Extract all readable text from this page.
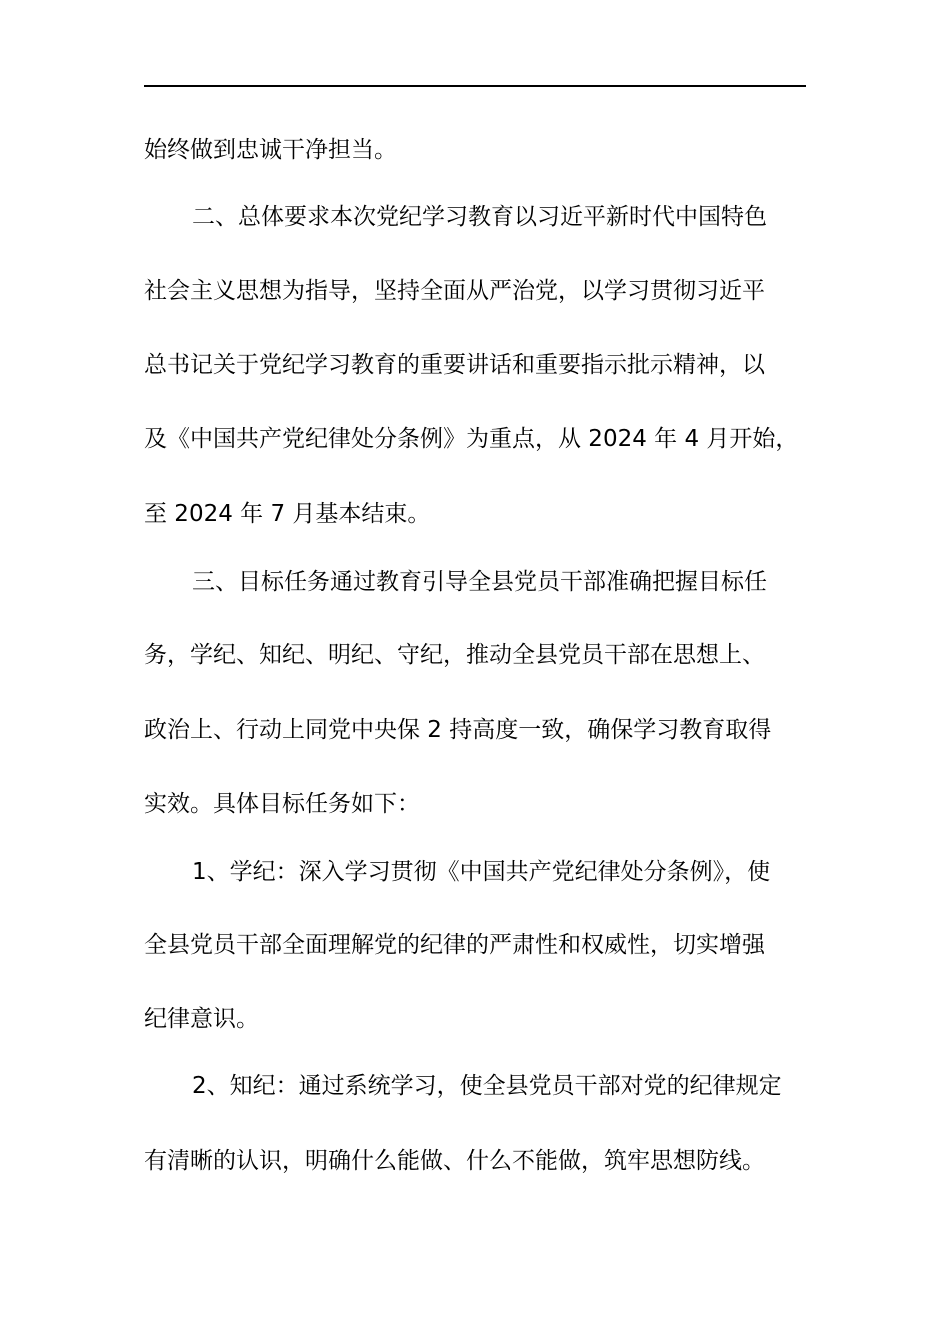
始终做到忠诚干净担当。

二、总体要求本次党纪学习教育以习近平新时代中国特色

社会主义思想为指导，坚持全面从严治党，以学习贯彻习近平

总书记关于党纪学习教育的重要讲话和重要指示批示精神，以

及《中国共产党纪律处分条例》为重点，从 2024 年 4 月开始，

至 2024 年 7 月基本结束。

三、目标任务通过教育引导全县党员干部准确把握目标任

务，学纪、知纪、明纪、守纪，推动全县党员干部在思想上、

政治上、行动上同党中央保 2 持高度一致，确保学习教育取得

实效。具体目标任务如下：

1、学纪：深入学习贯彻《中国共产党纪律处分条例》，使

全县党员干部全面理解党的纪律的严肃性和权威性，切实增强

纪律意识。

2、知纪：通过系统学习，使全县党员干部对党的纪律规定

有清晰的认识，明确什么能做、什么不能做，筑牢思想防线。
